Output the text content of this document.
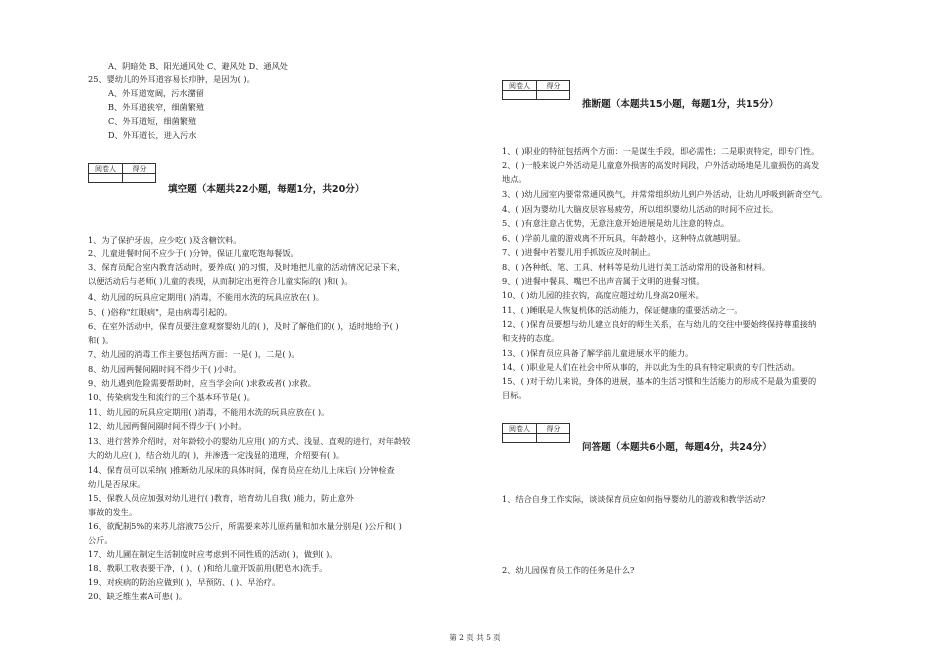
A、阴暗处 B、阳光通风处 C、避风处 D、通风处
25、婴幼儿的外耳道容易长疖肿，是因为( )。
A、外耳道宽阔，污水潴留
B、外耳道狭窄，细菌繁殖
C、外耳道短，细菌繁殖
D、外耳道长，进入污水
阅卷人	得分
填空题（本题共22小题，每题1分，共20分）
1、为了保护牙齿，应少吃( )及含糖饮料。
2、儿童进餐时间不应少于( )分钟，保证儿童吃饱每餐饭。
3、保育员配合室内教育活动时，要养成( )的习惯，及时地把儿童的活动情况记录下来，
以便活动后与老师( )儿童的表现，从而制定出更符合儿童实际的( )和( )。
4、幼儿园的玩具应定期用( )消毒，不能用水洗的玩具应放在( )。
5、( )俗称"红眼病"，是由病毒引起的。
6、在室外活动中，保育员要注意观察婴幼儿的( )，及时了解他们的( )，适时地给予( )
和( )。
7、幼儿园的消毒工作主要包括两方面：一是( )，二是( )。
8、幼儿园两餐间隔时间不得少于( )小时。
9、幼儿遇到危险需要帮助时，应当学会向( )求救或者( )求救。
10、传染病发生和流行的三个基本环节是( )。
11、幼儿园的玩具应定期用( )消毒，不能用水洗的玩具应放在( )。
12、幼儿园两餐间隔时间不得少于( )小时。
13、进行营养介绍时，对年龄较小的婴幼儿应用( )的方式、浅显、直观的进行，对年龄较
大的幼儿应( )，结合幼儿的( )，并渗透一定浅显的道理，介绍要有( )。
14、保育员可以采纳( )推断幼儿尿床的具体时间，保育员应在幼儿上床后( )分钟检查
幼儿是否尿床。
15、保教人员应加强对幼儿进行( )教育，培育幼儿自我( )能力，防止意外
事故的发生。
16、欲配制5%的来苏儿溶液75公斤，所需要来苏儿原药量和加水量分别是( )公斤和( )
公斤。
17、幼儿圃在制定生活制度时应考虑到不同性质的活动( )，做到( )。
18、教职工收表要干净，( )、( )和给儿童开饭前用(肥皂水)洗手。
19、对疾病的防治应做到( )，早预防、( )、早治疗。
20、缺乏维生素A可患( )。
阅卷人	得分
推断题（本题共15小题，每题1分，共15分）
1、( )职业的特征包括两个方面：一是谋生手段，即必需性；二是职责特定，即专门性。
2、( )一般来说户外活动是儿童意外损害的高发时间段，户外活动场地是儿童损伤的高发
地点。
3、( )幼儿园室内要常常通风换气，并常常组织幼儿到户外活动，让幼儿呼吸到新奇空气。
4、( )因为婴幼儿大脑皮层容易疲劳，所以组织婴幼儿活动的时间不应过长。
5、( )有意注意占优势，无意注意开始进展是幼儿注意的特点。
6、( )学前儿童的游戏离不开玩具，年龄越小，这种特点就越明显。
7、( )进餐中若婴儿用手抓饭应及时制止。
8、( )各种纸、笔、工具、材料等是幼儿进行美工活动常用的设备和材料。
9、( )进餐中餐具、嘴巴不出声音属于文明的进餐习惯。
10、( )幼儿园的挂衣钩，高度应超过幼儿身高20厘米。
11、( )睡眠是人恢复机体的活动能力，保证健康的重要活动之一。
12、( )保育员要想与幼儿建立良好的师生关系，在与幼儿的交往中要始终保持尊重接纳
和支持的态度。
13、( )保育员应具备了解学前儿童进展水平的能力。
14、( )职业是人们在社会中所从事的，并以此为生的具有特定职责的专门性活动。
15、( )对于幼儿来说，身体的进展，基本的生活习惯和生活能力的形成不是最为重要的
目标。
阅卷人	得分
问答题（本题共6小题，每题4分，共24分）
1、结合自身工作实际，谈谈保育员应如何指导婴幼儿的游戏和教学活动?
2、幼儿园保育员工作的任务是什么?
第 2 页 共 5 页
